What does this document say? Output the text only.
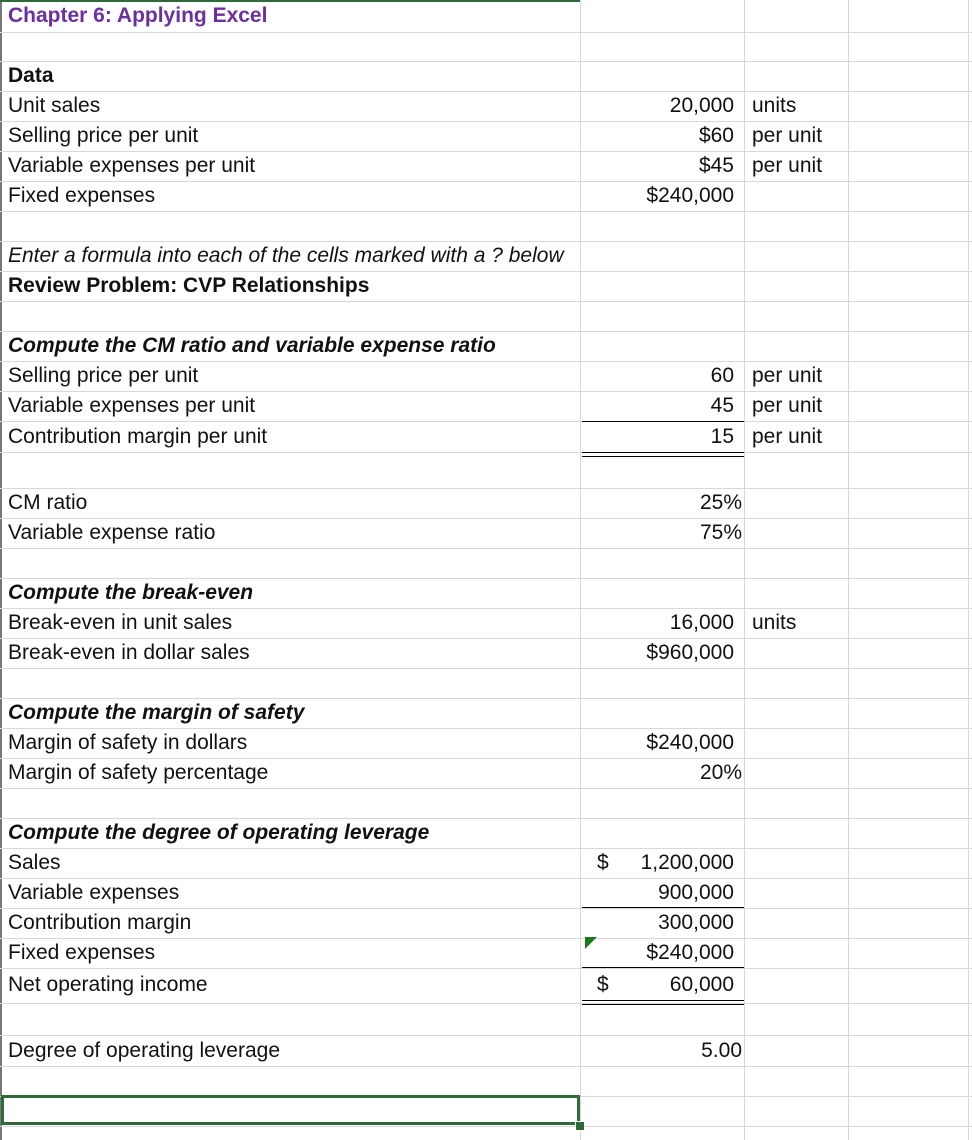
Chapter 6: Applying Excel
Data
Unit sales	20,000 units
Selling price per unit	$60 per unit
Variable expenses per unit	$45 per unit
Fixed expenses	$240,000
Enter a formula into each of the cells marked with a ? below
Review Problem: CVP Relationships
Compute the CM ratio and variable expense ratio
Selling price per unit	60 per unit
Variable expenses per unit	45 per unit
Contribution margin per unit	15 per unit
CM ratio	25%
Variable expense ratio	75%
Compute the break-even
Break-even in unit sales	16,000 units
Break-even in dollar sales	$960,000
Compute the margin of safety
Margin of safety in dollars	$240,000
Margin of safety percentage	20%
Compute the degree of operating leverage
Sales	$	1,200,000
Variable expenses	900,000
Contribution margin	300,000
Fixed expenses	$240,000
Net operating income	$	60,000
Degree of operating leverage	5.00
